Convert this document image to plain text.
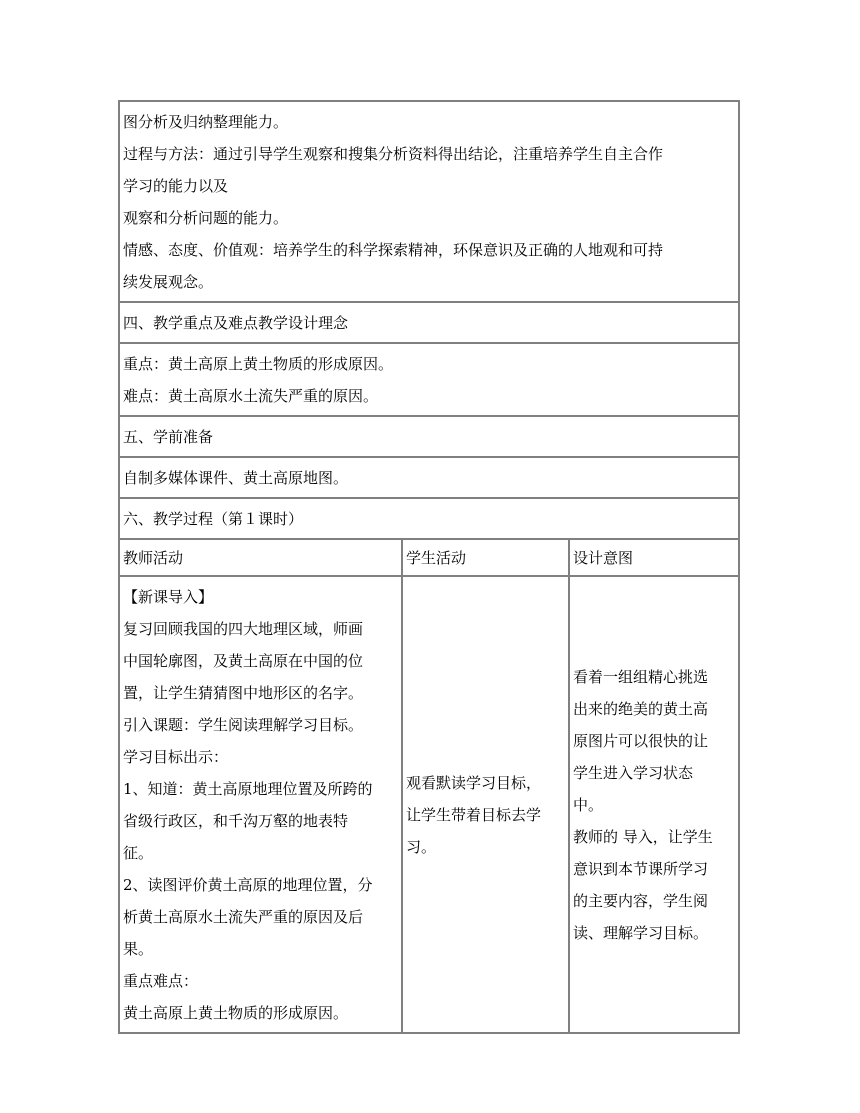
图分析及归纳整理能力。
过程与方法：通过引导学生观察和搜集分析资料得出结论，注重培养学生自主合作
学习的能力以及
观察和分析问题的能力。
情感、态度、价值观：培养学生的科学探索精神，环保意识及正确的人地观和可持
续发展观念。
四、教学重点及难点教学设计理念
重点：黄土高原上黄土物质的形成原因。
难点：黄土高原水土流失严重的原因。
五、学前准备
自制多媒体课件、黄土高原地图。
六、教学过程（第１课时）
教师活动	学生活动	设计意图
【新课导入】
复习回顾我国的四大地理区域，师画
中国轮廓图，及黄土高原在中国的位
置，让学生猜猜图中地形区的名字。
引入课题：学生阅读理解学习目标。
学习目标出示：
1、知道：黄土高原地理位置及所跨的
省级行政区，和千沟万壑的地表特
征。
2、读图评价黄土高原的地理位置，分
析黄土高原水土流失严重的原因及后
果。
重点难点：
黄土高原上黄土物质的形成原因。
观看默读学习目标，
让学生带着目标去学
习。
看着一组组精心挑选
出来的绝美的黄土高
原图片可以很快的让
学生进入学习状态
中。
教师的 导入，让学生
意识到本节课所学习
的主要内容，学生阅
读、理解学习目标。
